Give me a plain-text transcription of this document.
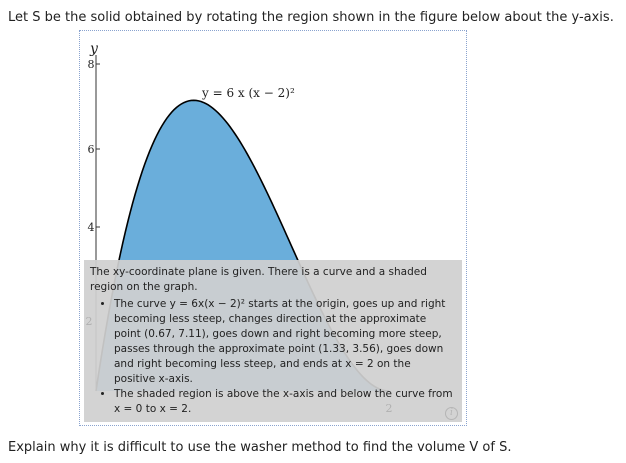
Let S be the solid obtained by rotating the region shown in the figure below about the y-axis.
y
8
6
4
y = 6 x (x − 2)²
The xy-coordinate plane is given. There is a curve and a shaded region on the graph.
• The curve y = 6x(x − 2)² starts at the origin, goes up and right becoming less steep, changes direction at the approximate point (0.67, 7.11), goes down and right becoming more steep, passes through the approximate point (1.33, 3.56), goes down and right becoming less steep, and ends at x = 2 on the positive x-axis.
• The shaded region is above the x-axis and below the curve from x = 0 to x = 2.
2
2	i
Explain why it is difficult to use the washer method to find the volume V of S.
